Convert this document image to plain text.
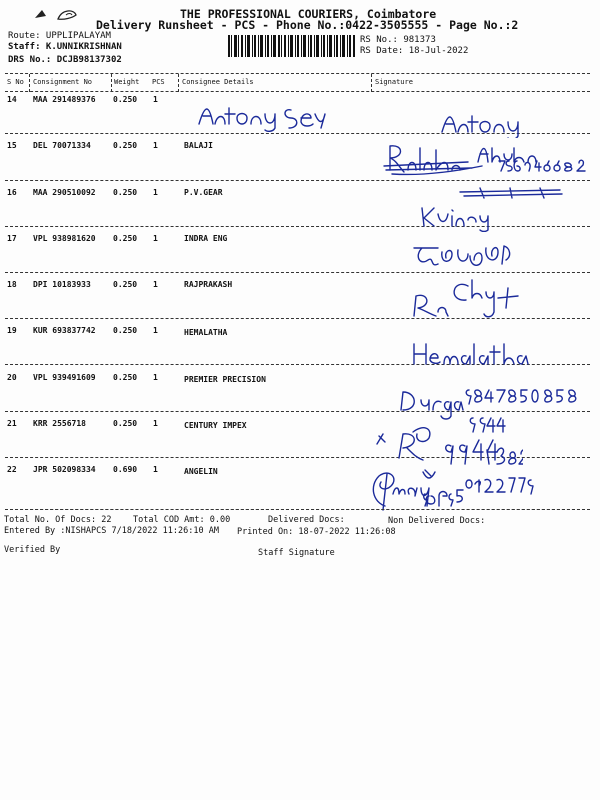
THE PROFESSIONAL COURIERS, Coimbatore
Delivery Runsheet - PCS - Phone No.:0422-3505555 - Page No.:2
Route: UPPLIPALAYAM
Staff: K.UNNIKRISHNAN
DRS No.: DCJB98137302
RS No.: 981373
RS Date: 18-Jul-2022
S No Consignment No	Weight PCS Consignee Details	Signature
14 MAA 291489376 0.250 1
15 DEL 70071334	0.250 1	BALAJI
16 MAA 290510092 0.250 1	P.V.GEAR
17 VPL 938981620 0.250 1	INDRA ENG
18 DPI 10183933	0.250 1	RAJPRAKASH
19 KUR 693837742 0.250 1	HEMALATHA
20 VPL 939491609 0.250 1	PREMIER PRECISION
21 KRR 2556718	0.250 1	CENTURY IMPEX
22 JPR 502098334 0.690 1	ANGELIN
Total No. Of Docs: 22	Total COD Amt: 0.00	Delivered Docs:	Non Delivered Docs:
Entered By :NISHAPCS 7/18/2022 11:26:10 AM Printed On: 18-07-2022 11:26:08
Verified By	Staff Signature
